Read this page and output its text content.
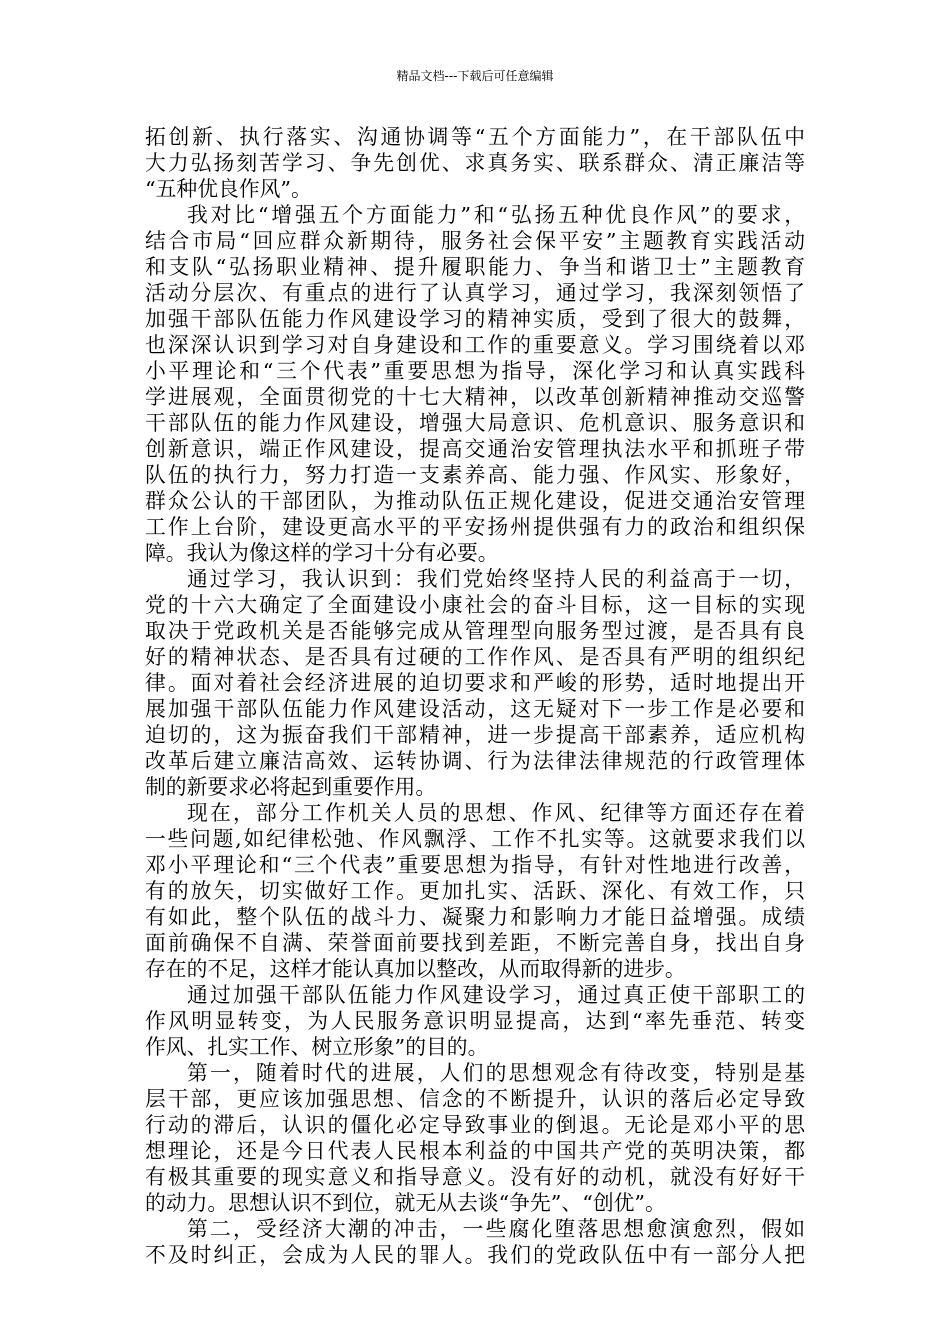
精品文档---下载后可任意编辑
拓创新、执行落实、沟通协调等“五个方面能力”，在干部队伍中
大力弘扬刻苦学习、争先创优、求真务实、联系群众、清正廉洁等
“五种优良作风”。
我对比“增强五个方面能力”和“弘扬五种优良作风”的要求，
结合市局“回应群众新期待，服务社会保平安”主题教育实践活动
和支队“弘扬职业精神、提升履职能力、争当和谐卫士”主题教育
活动分层次、有重点的进行了认真学习，通过学习，我深刻领悟了
加强干部队伍能力作风建设学习的精神实质，受到了很大的鼓舞，
也深深认识到学习对自身建设和工作的重要意义。学习围绕着以邓
小平理论和“三个代表”重要思想为指导，深化学习和认真实践科
学进展观，全面贯彻党的十七大精神，以改革创新精神推动交巡警
干部队伍的能力作风建设，增强大局意识、危机意识、服务意识和
创新意识，端正作风建设，提高交通治安管理执法水平和抓班子带
队伍的执行力，努力打造一支素养高、能力强、作风实、形象好，
群众公认的干部团队，为推动队伍正规化建设，促进交通治安管理
工作上台阶，建设更高水平的平安扬州提供强有力的政治和组织保
障。我认为像这样的学习十分有必要。
通过学习，我认识到：我们党始终坚持人民的利益高于一切，
党的十六大确定了全面建设小康社会的奋斗目标，这一目标的实现
取决于党政机关是否能够完成从管理型向服务型过渡，是否具有良
好的精神状态、是否具有过硬的工作作风、是否具有严明的组织纪
律。面对着社会经济进展的迫切要求和严峻的形势，适时地提出开
展加强干部队伍能力作风建设活动，这无疑对下一步工作是必要和
迫切的，这为振奋我们干部精神，进一步提高干部素养，适应机构
改革后建立廉洁高效、运转协调、行为法律法律规范的行政管理体
制的新要求必将起到重要作用。
现在，部分工作机关人员的思想、作风、纪律等方面还存在着
一些问题,如纪律松弛、作风飘浮、工作不扎实等。这就要求我们以
邓小平理论和“三个代表”重要思想为指导，有针对性地进行改善，
有的放矢，切实做好工作。更加扎实、活跃、深化、有效工作，只
有如此，整个队伍的战斗力、凝聚力和影响力才能日益增强。成绩
面前确保不自满、荣誉面前要找到差距，不断完善自身，找出自身
存在的不足，这样才能认真加以整改，从而取得新的进步。
通过加强干部队伍能力作风建设学习，通过真正使干部职工的
作风明显转变，为人民服务意识明显提高，达到“率先垂范、转变
作风、扎实工作、树立形象”的目的。
第一，随着时代的进展，人们的思想观念有待改变，特别是基
层干部，更应该加强思想、信念的不断提升，认识的落后必定导致
行动的滞后，认识的僵化必定导致事业的倒退。无论是邓小平的思
想理论，还是今日代表人民根本利益的中国共产党的英明决策，都
有极其重要的现实意义和指导意义。没有好的动机，就没有好好干
的动力。思想认识不到位，就无从去谈“争先”、“创优”。
第二，受经济大潮的冲击，一些腐化堕落思想愈演愈烈，假如
不及时纠正，会成为人民的罪人。我们的党政队伍中有一部分人把
